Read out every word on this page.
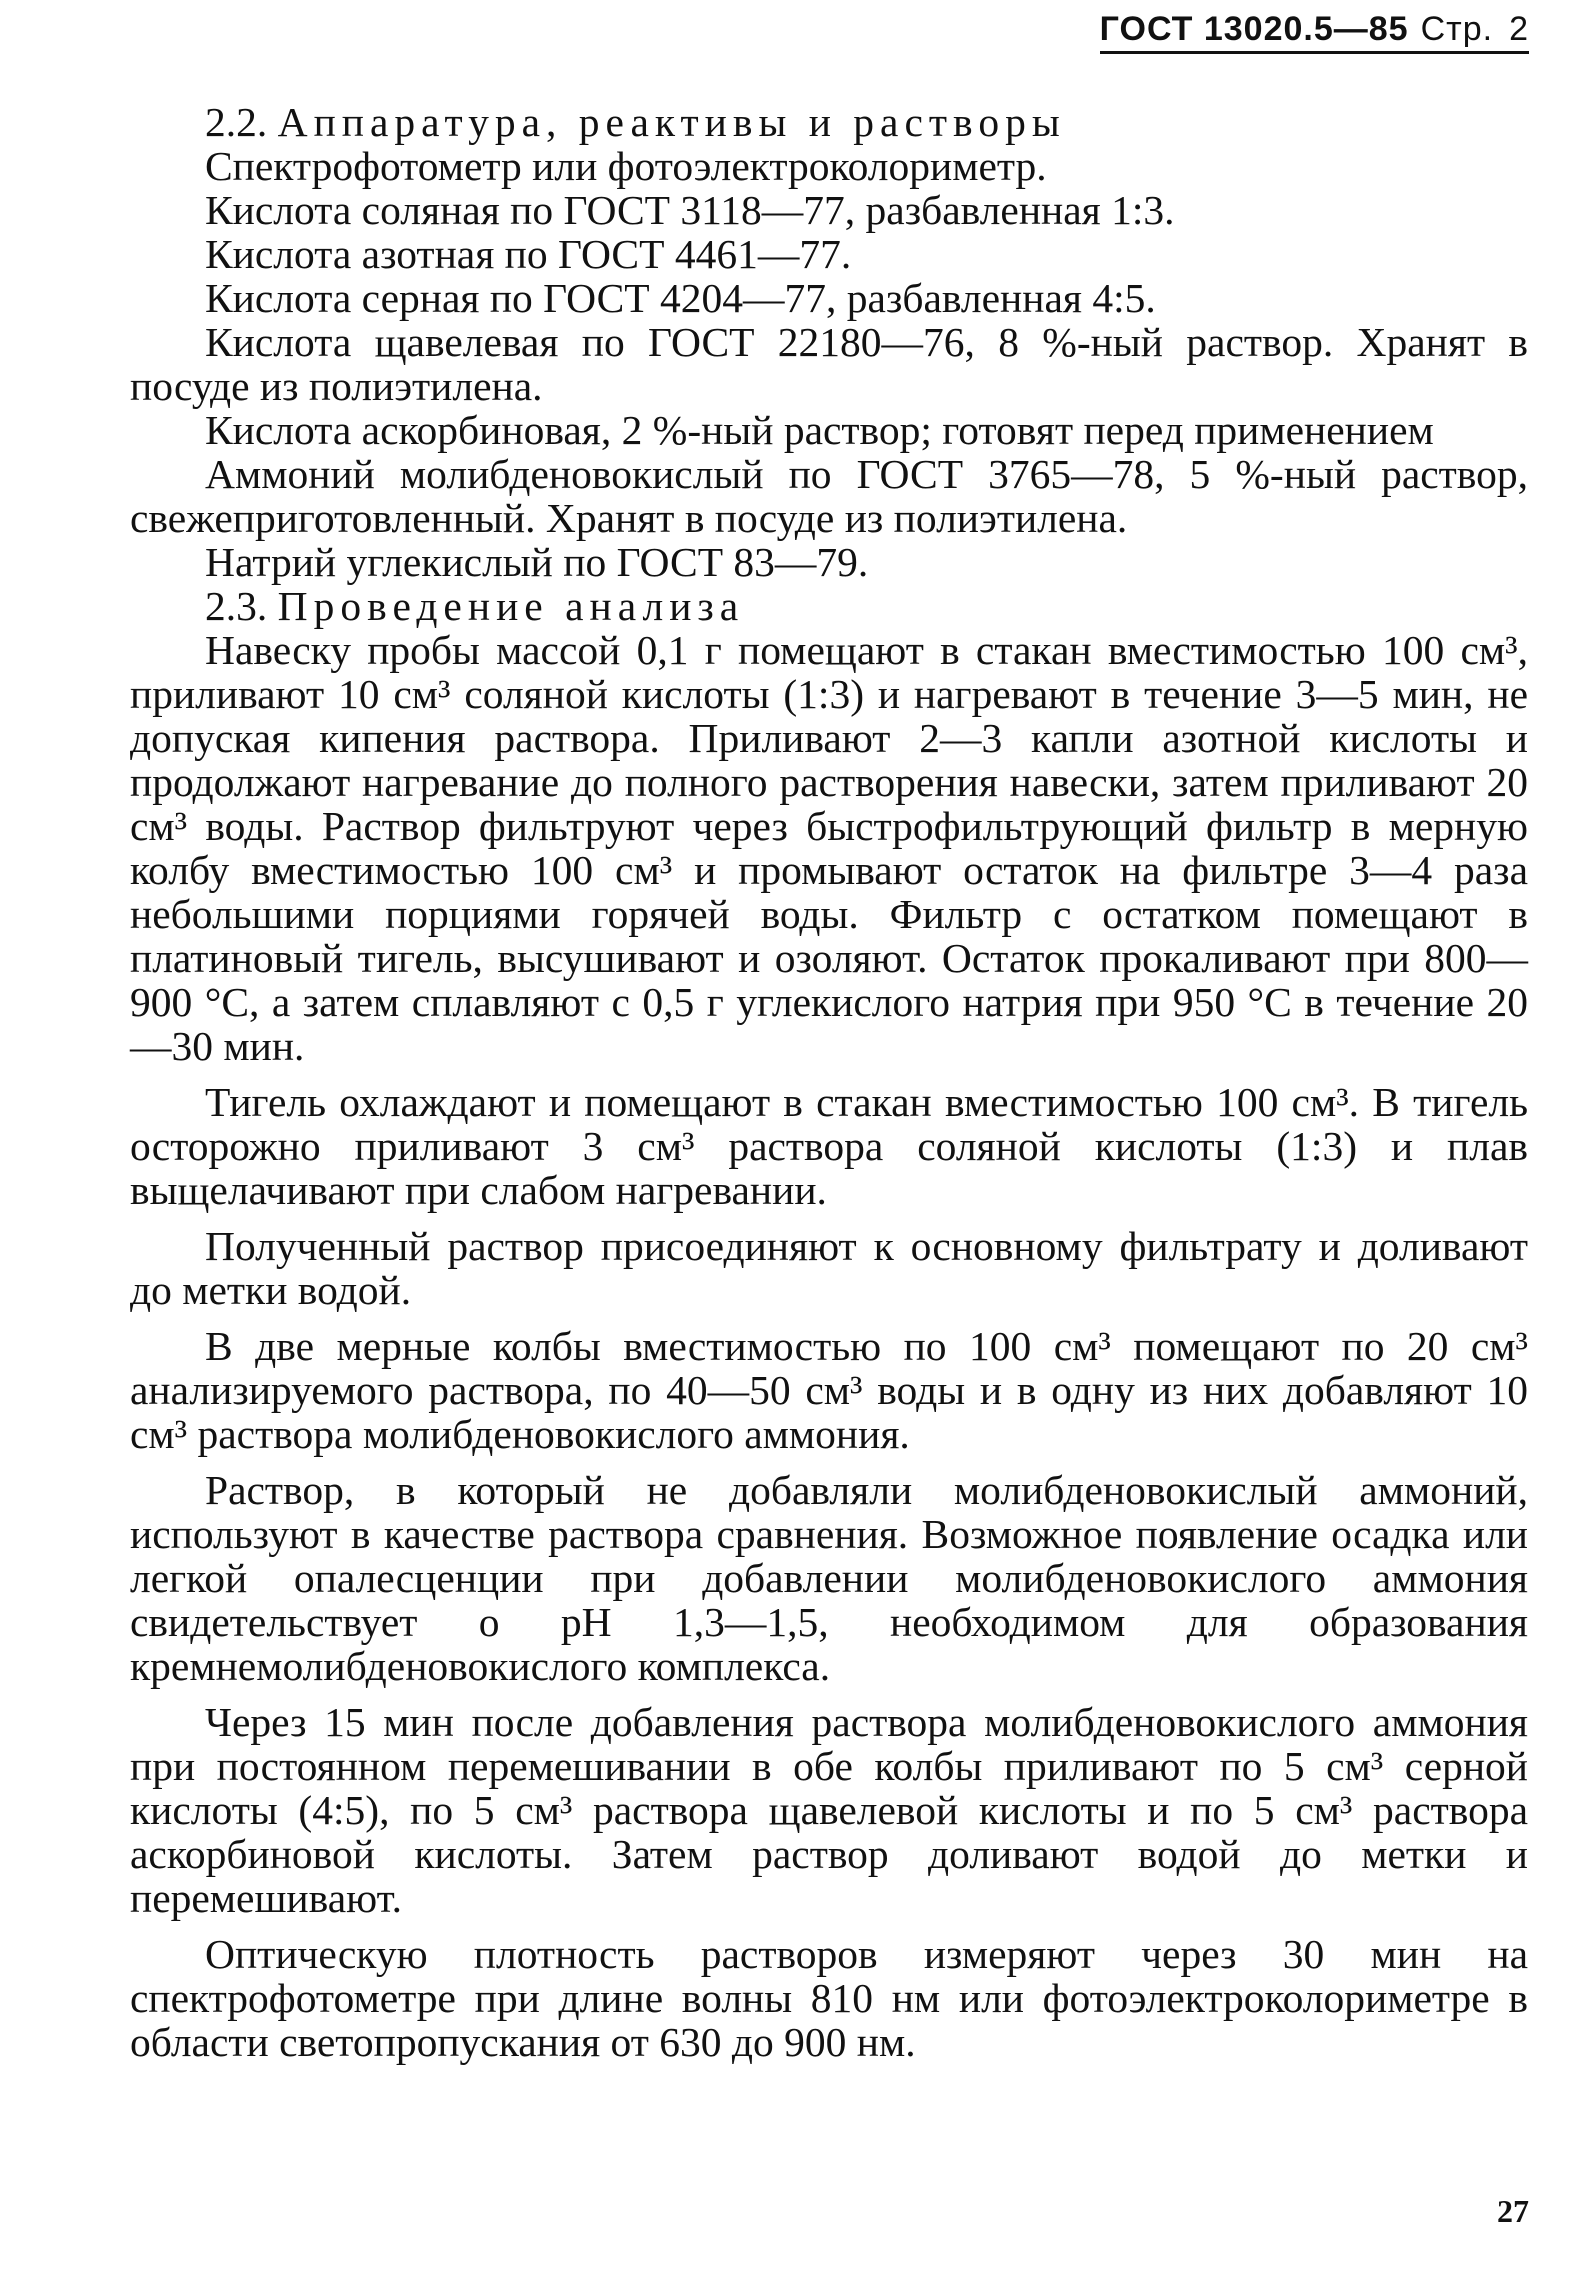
ГОСТ 13020.5—85 Стр. 2

2.2. Аппаратура, реактивы и растворы

Спектрофотометр или фотоэлектроколориметр.

Кислота соляная по ГОСТ 3118—77, разбавленная 1:3.

Кислота азотная по ГОСТ 4461—77.

Кислота серная по ГОСТ 4204—77, разбавленная 4:5.

Кислота щавелевая по ГОСТ 22180—76, 8 %-ный раствор. Хранят в посуде из полиэтилена.

Кислота аскорбиновая, 2 %-ный раствор; готовят перед применением

Аммоний молибденовокислый по ГОСТ 3765—78, 5 %-ный раствор, свежеприготовленный. Хранят в посуде из полиэтилена.

Натрий углекислый по ГОСТ 83—79.

2.3. Проведение анализа

Навеску пробы массой 0,1 г помещают в стакан вместимостью 100 см³, приливают 10 см³ соляной кислоты (1:3) и нагревают в течение 3—5 мин, не допуская кипения раствора. Приливают 2—3 капли азотной кислоты и продолжают нагревание до полного растворения навески, затем приливают 20 см³ воды. Раствор фильтруют через быстрофильтрующий фильтр в мерную колбу вместимостью 100 см³ и промывают остаток на фильтре 3—4 раза небольшими порциями горячей воды. Фильтр с остатком помещают в платиновый тигель, высушивают и озоляют. Остаток прокаливают при 800—900 °С, а затем сплавляют с 0,5 г углекислого натрия при 950 °С в течение 20—30 мин.

Тигель охлаждают и помещают в стакан вместимостью 100 см³. В тигель осторожно приливают 3 см³ раствора соляной кислоты (1:3) и плав выщелачивают при слабом нагревании.

Полученный раствор присоединяют к основному фильтрату и доливают до метки водой.

В две мерные колбы вместимостью по 100 см³ помещают по 20 см³ анализируемого раствора, по 40—50 см³ воды и в одну из них добавляют 10 см³ раствора молибденовокислого аммония.

Раствор, в который не добавляли молибденовокислый аммоний, используют в качестве раствора сравнения. Возможное появление осадка или легкой опалесценции при добавлении молибденовокислого аммония свидетельствует о pH 1,3—1,5, необходимом для образования кремнемолибденовокислого комплекса.

Через 15 мин после добавления раствора молибденовокислого аммония при постоянном перемешивании в обе колбы приливают по 5 см³ серной кислоты (4:5), по 5 см³ раствора щавелевой кислоты и по 5 см³ раствора аскорбиновой кислоты. Затем раствор доливают водой до метки и перемешивают.

Оптическую плотность растворов измеряют через 30 мин на спектрофотометре при длине волны 810 нм или фотоэлектроколориметре в области светопропускания от 630 до 900 нм.

27
